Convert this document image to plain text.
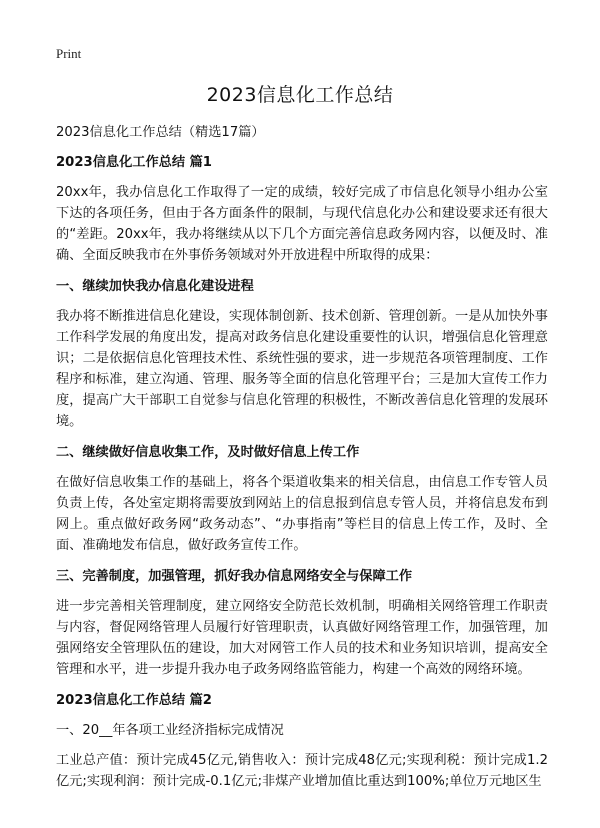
Print
2023信息化工作总结

2023信息化工作总结（精选17篇）

2023信息化工作总结 篇1

20xx年，我办信息化工作取得了一定的成绩，较好完成了市信息化领导小组办公室下达的各项任务，但由于各方面条件的限制，与现代信息化办公和建设要求还有很大的“差距。20xx年，我办将继续从以下几个方面完善信息政务网内容，以便及时、准确、全面反映我市在外事侨务领域对外开放进程中所取得的成果：

一、继续加快我办信息化建设进程

我办将不断推进信息化建设，实现体制创新、技术创新、管理创新。一是从加快外事工作科学发展的角度出发，提高对政务信息化建设重要性的认识，增强信息化管理意识；二是依据信息化管理技术性、系统性强的要求，进一步规范各项管理制度、工作程序和标准，建立沟通、管理、服务等全面的信息化管理平台；三是加大宣传工作力度，提高广大干部职工自觉参与信息化管理的积极性，不断改善信息化管理的发展环境。

二、继续做好信息收集工作，及时做好信息上传工作

在做好信息收集工作的基础上，将各个渠道收集来的相关信息，由信息工作专管人员负责上传，各处室定期将需要放到网站上的信息报到信息专管人员，并将信息发布到网上。重点做好政务网“政务动态”、“办事指南”等栏目的信息上传工作，及时、全面、准确地发布信息，做好政务宣传工作。

三、完善制度，加强管理，抓好我办信息网络安全与保障工作

进一步完善相关管理制度，建立网络安全防范长效机制，明确相关网络管理工作职责与内容，督促网络管理人员履行好管理职责，认真做好网络管理工作，加强管理，加强网络安全管理队伍的建设，加大对网管工作人员的技术和业务知识培训，提高安全管理和水平，进一步提升我办电子政务网络监管能力，构建一个高效的网络环境。

2023信息化工作总结 篇2

一、20__年各项工业经济指标完成情况

工业总产值：预计完成45亿元,销售收入：预计完成48亿元;实现利税：预计完成1.2亿元;实现利润：预计完成-0.1亿元;非煤产业增加值比重达到100%;单位万元地区生
